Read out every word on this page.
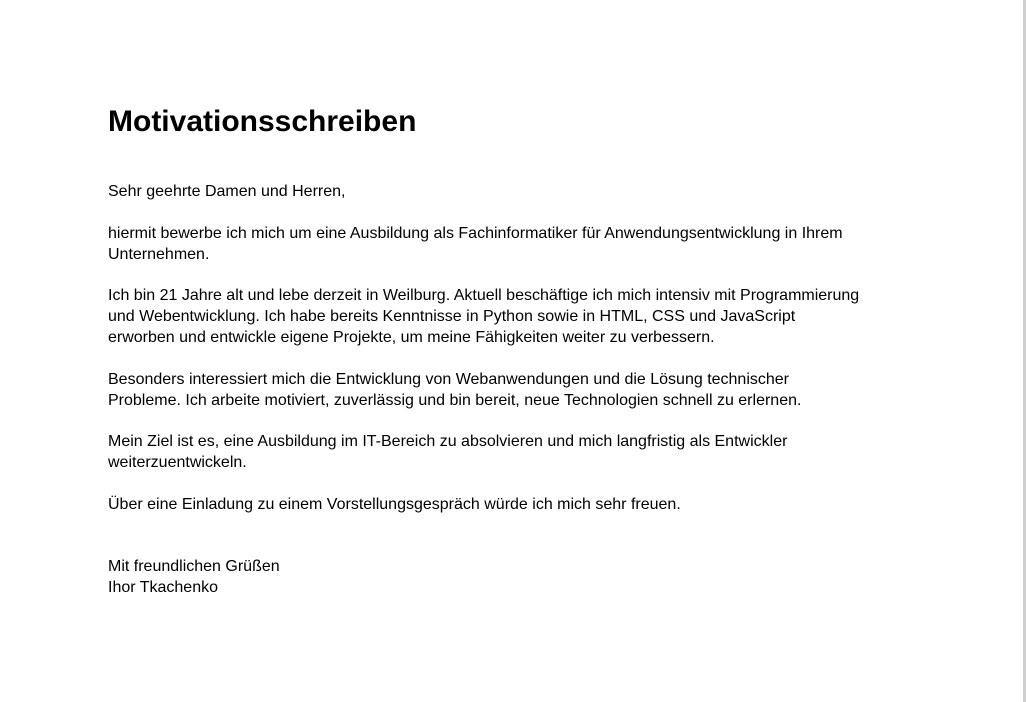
Motivationsschreiben

Sehr geehrte Damen und Herren,

hiermit bewerbe ich mich um eine Ausbildung als Fachinformatiker für Anwendungsentwicklung in Ihrem
Unternehmen.

Ich bin 21 Jahre alt und lebe derzeit in Weilburg. Aktuell beschäftige ich mich intensiv mit Programmierung
und Webentwicklung. Ich habe bereits Kenntnisse in Python sowie in HTML, CSS und JavaScript
erworben und entwickle eigene Projekte, um meine Fähigkeiten weiter zu verbessern.

Besonders interessiert mich die Entwicklung von Webanwendungen und die Lösung technischer
Probleme. Ich arbeite motiviert, zuverlässig und bin bereit, neue Technologien schnell zu erlernen.

Mein Ziel ist es, eine Ausbildung im IT-Bereich zu absolvieren und mich langfristig als Entwickler
weiterzuentwickeln.

Über eine Einladung zu einem Vorstellungsgespräch würde ich mich sehr freuen.

Mit freundlichen Grüßen
Ihor Tkachenko
